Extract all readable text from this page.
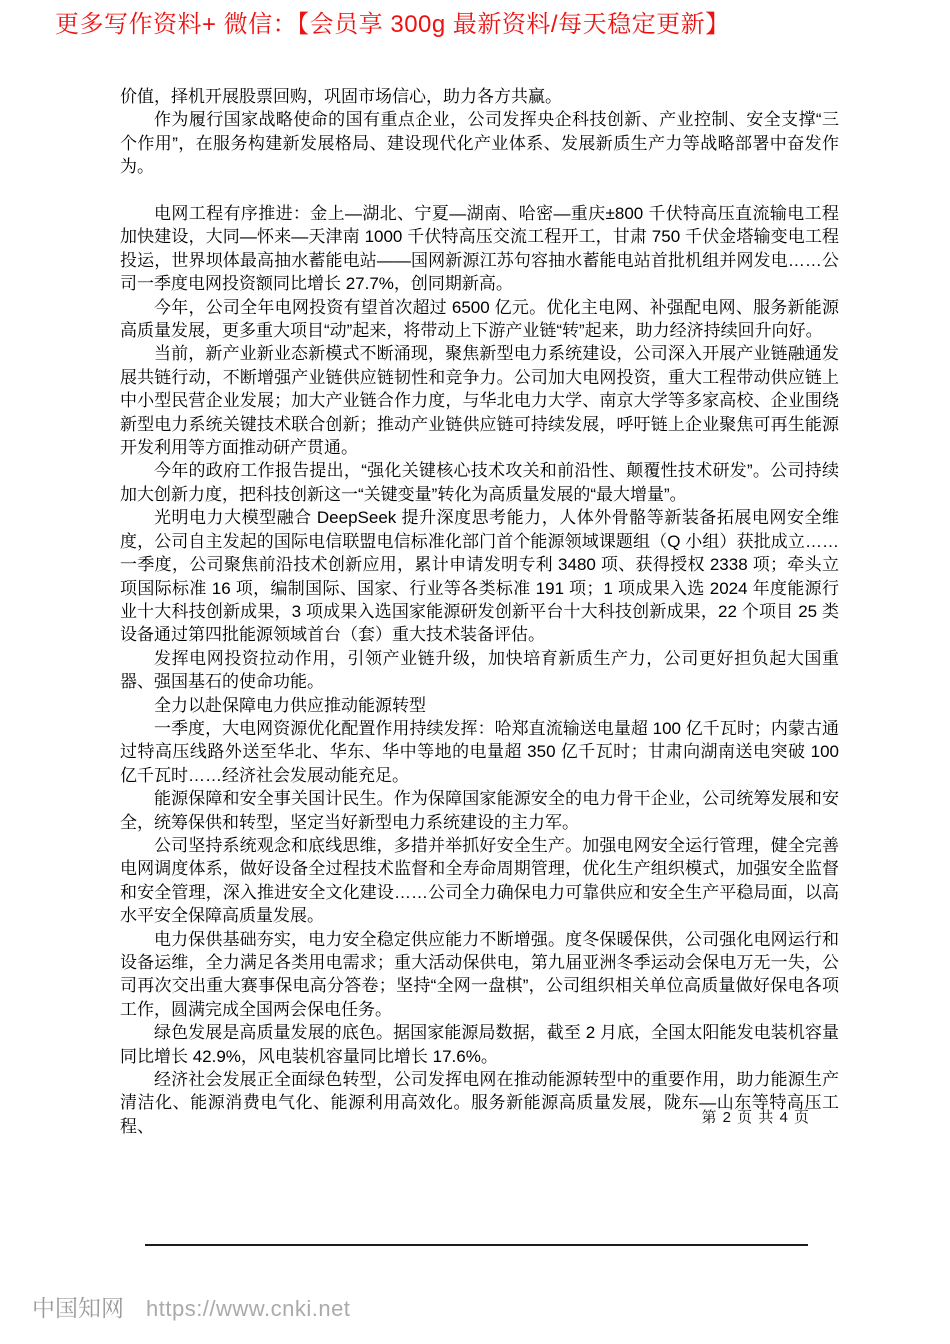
更多写作资料+ 微信：【会员享 300g 最新资料/每天稳定更新】

价值，择机开展股票回购，巩固市场信心，助力各方共赢。

作为履行国家战略使命的国有重点企业，公司发挥央企科技创新、产业控制、安全支撑“三个作用”，在服务构建新发展格局、建设现代化产业体系、发展新质生产力等战略部署中奋发作为。

电网工程有序推进：金上—湖北、宁夏—湖南、哈密—重庆±800 千伏特高压直流输电工程加快建设，大同—怀来—天津南 1000 千伏特高压交流工程开工，甘肃 750 千伏金塔输变电工程投运，世界坝体最高抽水蓄能电站——国网新源江苏句容抽水蓄能电站首批机组并网发电……公司一季度电网投资额同比增长 27.7%，创同期新高。

今年，公司全年电网投资有望首次超过 6500 亿元。优化主电网、补强配电网、服务新能源高质量发展，更多重大项目“动”起来，将带动上下游产业链“转”起来，助力经济持续回升向好。

当前，新产业新业态新模式不断涌现，聚焦新型电力系统建设，公司深入开展产业链融通发展共链行动，不断增强产业链供应链韧性和竞争力。公司加大电网投资，重大工程带动供应链上中小型民营企业发展；加大产业链合作力度，与华北电力大学、南京大学等多家高校、企业围绕新型电力系统关键技术联合创新；推动产业链供应链可持续发展，呼吁链上企业聚焦可再生能源开发利用等方面推动研产贯通。

今年的政府工作报告提出，“强化关键核心技术攻关和前沿性、颠覆性技术研发”。公司持续加大创新力度，把科技创新这一“关键变量”转化为高质量发展的“最大增量”。

光明电力大模型融合 DeepSeek 提升深度思考能力，人体外骨骼等新装备拓展电网安全维度，公司自主发起的国际电信联盟电信标准化部门首个能源领域课题组（Q 小组）获批成立……一季度，公司聚焦前沿技术创新应用，累计申请发明专利 3480 项、获得授权 2338 项；牵头立项国际标准 16 项，编制国际、国家、行业等各类标准 191 项；1 项成果入选 2024 年度能源行业十大科技创新成果，3 项成果入选国家能源研发创新平台十大科技创新成果，22 个项目 25 类设备通过第四批能源领域首台（套）重大技术装备评估。

发挥电网投资拉动作用，引领产业链升级，加快培育新质生产力，公司更好担负起大国重器、强国基石的使命功能。

全力以赴保障电力供应推动能源转型

一季度，大电网资源优化配置作用持续发挥：哈郑直流输送电量超 100 亿千瓦时；内蒙古通过特高压线路外送至华北、华东、华中等地的电量超 350 亿千瓦时；甘肃向湖南送电突破 100 亿千瓦时……经济社会发展动能充足。

能源保障和安全事关国计民生。作为保障国家能源安全的电力骨干企业，公司统筹发展和安全，统筹保供和转型，坚定当好新型电力系统建设的主力军。

公司坚持系统观念和底线思维，多措并举抓好安全生产。加强电网安全运行管理，健全完善电网调度体系，做好设备全过程技术监督和全寿命周期管理，优化生产组织模式，加强安全监督和安全管理，深入推进安全文化建设……公司全力确保电力可靠供应和安全生产平稳局面，以高水平安全保障高质量发展。

电力保供基础夯实，电力安全稳定供应能力不断增强。度冬保暖保供，公司强化电网运行和设备运维，全力满足各类用电需求；重大活动保供电，第九届亚洲冬季运动会保电万无一失，公司再次交出重大赛事保电高分答卷；坚持“全网一盘棋”，公司组织相关单位高质量做好保电各项工作，圆满完成全国两会保电任务。

绿色发展是高质量发展的底色。据国家能源局数据，截至 2 月底，全国太阳能发电装机容量同比增长 42.9%，风电装机容量同比增长 17.6%。

经济社会发展正全面绿色转型，公司发挥电网在推动能源转型中的重要作用，助力能源生产清洁化、能源消费电气化、能源利用高效化。服务新能源高质量发展，陇东—山东等特高压工程、	第 2 页 共 4 页
中国知网 https://www.cnki.net
